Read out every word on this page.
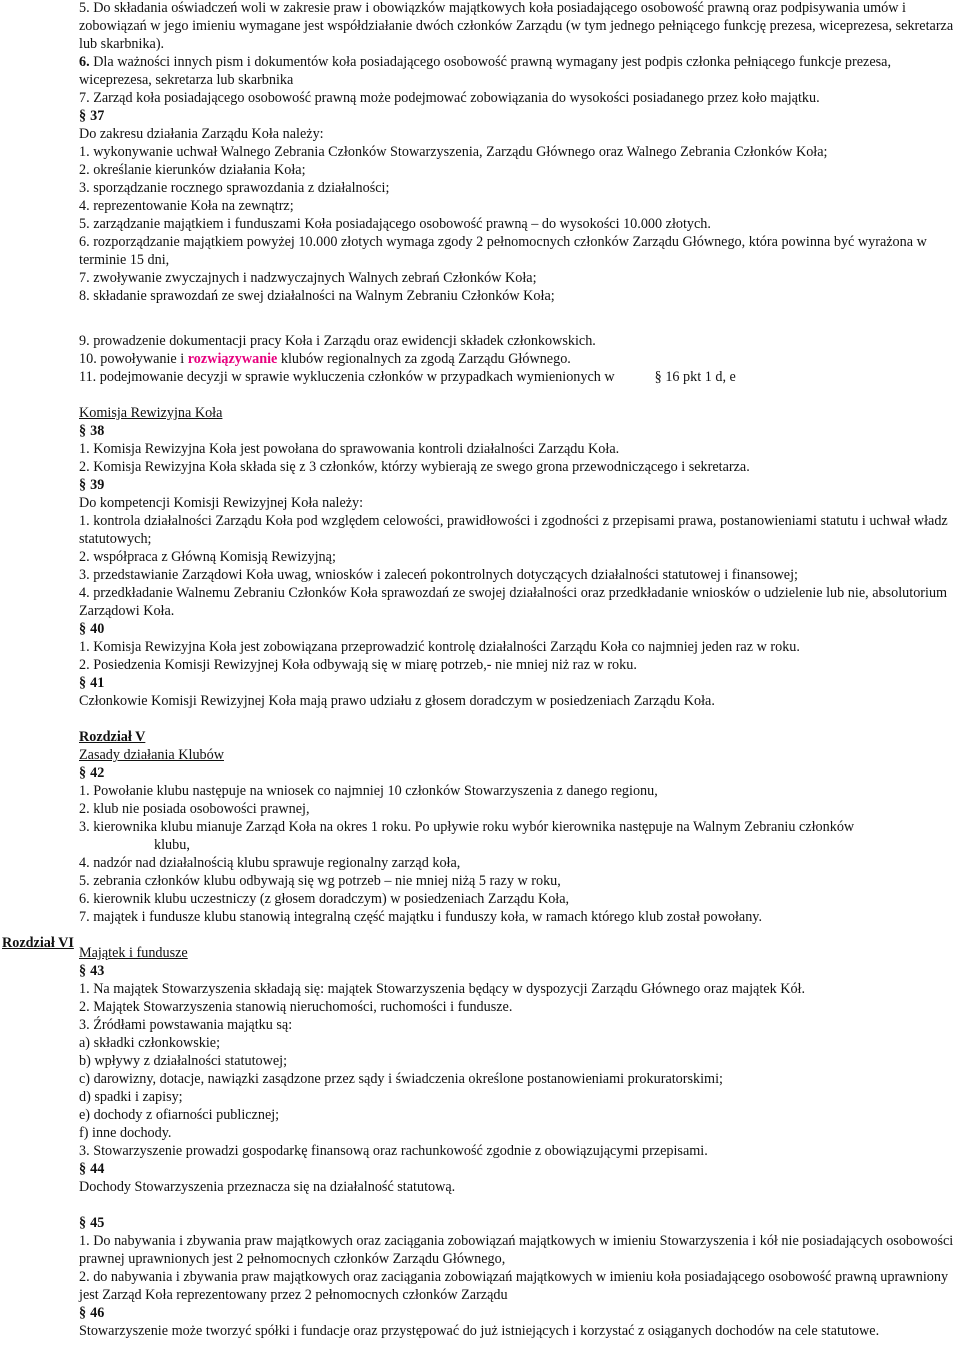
5. Do składania oświadczeń woli w zakresie praw i obowiązków majątkowych koła posiadającego osobowość prawną oraz podpisywania umów i zobowiązań w jego imieniu wymagane jest współdziałanie dwóch członków Zarządu (w tym jednego pełniącego funkcję prezesa, wiceprezesa, sekretarza lub skarbnika).
6. Dla ważności innych pism i dokumentów koła posiadającego osobowość prawną wymagany jest podpis członka pełniącego funkcje prezesa, wiceprezesa, sekretarza lub skarbnika
7. Zarząd koła posiadającego osobowość prawną może podejmować zobowiązania do wysokości posiadanego przez koło majątku.
§ 37
Do zakresu działania Zarządu Koła należy:
1. wykonywanie uchwał Walnego Zebrania Członków Stowarzyszenia, Zarządu Głównego oraz Walnego Zebrania Członków Koła;
2. określanie kierunków działania Koła;
3. sporządzanie rocznego sprawozdania z działalności;
4. reprezentowanie Koła na zewnątrz;
5. zarządzanie majątkiem i funduszami Koła posiadającego osobowość prawną – do wysokości 10.000 złotych.
6. rozporządzanie majątkiem powyżej 10.000 złotych wymaga zgody 2 pełnomocnych członków Zarządu Głównego, która powinna być wyrażona w terminie 15 dni,
7. zwoływanie zwyczajnych i nadzwyczajnych Walnych zebrań Członków Koła;
8. składanie sprawozdań ze swej działalności na Walnym Zebraniu Członków Koła;
9. prowadzenie dokumentacji pracy Koła i Zarządu oraz ewidencji składek członkowskich.
10. powoływanie i rozwiązywanie klubów regionalnych za zgodą Zarządu Głównego.
11. podejmowanie decyzji w sprawie wykluczenia członków w przypadkach wymienionych w	§ 16 pkt 1 d, e
Komisja Rewizyjna Koła
§ 38
1. Komisja Rewizyjna Koła jest powołana do sprawowania kontroli działalności Zarządu Koła.
2. Komisja Rewizyjna Koła składa się z 3 członków, którzy wybierają ze swego grona przewodniczącego i sekretarza.
§ 39
Do kompetencji Komisji Rewizyjnej Koła należy:
1. kontrola działalności Zarządu Koła pod względem celowości, prawidłowości i zgodności z przepisami prawa, postanowieniami statutu i uchwał władz statutowych;
2. współpraca z Główną Komisją Rewizyjną;
3. przedstawianie Zarządowi Koła uwag, wniosków i zaleceń pokontrolnych dotyczących działalności statutowej i finansowej;
4. przedkładanie Walnemu Zebraniu Członków Koła sprawozdań ze swojej działalności oraz przedkładanie wniosków o udzielenie lub nie, absolutorium Zarządowi Koła.
§ 40
1. Komisja Rewizyjna Koła jest zobowiązana przeprowadzić kontrolę działalności Zarządu Koła co najmniej jeden raz w roku.
2. Posiedzenia Komisji Rewizyjnej Koła odbywają się w miarę potrzeb,- nie mniej niż raz w roku.
§ 41
Członkowie Komisji Rewizyjnej Koła mają prawo udziału z głosem doradczym w posiedzeniach Zarządu Koła.
Rozdział V
Zasady działania Klubów
§ 42
1. Powołanie klubu następuje na wniosek co najmniej 10 członków Stowarzyszenia z danego regionu,
2. klub nie posiada osobowości prawnej,
3. kierownika klubu mianuje Zarząd Koła na okres 1 roku. Po upływie roku wybór kierownika następuje na Walnym Zebraniu członków
klubu,
4. nadzór nad działalnością klubu sprawuje regionalny zarząd koła,
5. zebrania członków klubu odbywają się wg potrzeb – nie mniej niżą 5 razy w roku,
6. kierownik klubu uczestniczy (z głosem doradczym) w posiedzeniach Zarządu Koła,
7. majątek i fundusze klubu stanowią integralną część majątku i funduszy koła, w ramach którego klub został powołany.
Majątek i fundusze
§ 43
1. Na majątek Stowarzyszenia składają się: majątek Stowarzyszenia będący w dyspozycji Zarządu Głównego oraz majątek Kół.
2. Majątek Stowarzyszenia stanowią nieruchomości, ruchomości i fundusze.
3. Źródłami powstawania majątku są:
a) składki członkowskie;
b) wpływy z działalności statutowej;
c) darowizny, dotacje, nawiązki zasądzone przez sądy i świadczenia określone postanowieniami prokuratorskimi;
d) spadki i zapisy;
e) dochody z ofiarności publicznej;
f) inne dochody.
3. Stowarzyszenie prowadzi gospodarkę finansową oraz rachunkowość zgodnie z obowiązującymi przepisami.
§ 44
Dochody Stowarzyszenia przeznacza się na działalność statutową.
§ 45
1. Do nabywania i zbywania praw majątkowych oraz zaciągania zobowiązań majątkowych w imieniu Stowarzyszenia i kół nie posiadających osobowości prawnej uprawnionych jest 2 pełnomocnych członków Zarządu Głównego,
2. do nabywania i zbywania praw majątkowych oraz zaciągania zobowiązań majątkowych w imieniu koła posiadającego osobowość prawną uprawniony jest Zarząd Koła reprezentowany przez 2 pełnomocnych członków Zarządu
§ 46
Stowarzyszenie może tworzyć spółki i fundacje oraz przystępować do już istniejących i korzystać z osiąganych dochodów na cele statutowe.
Rozdział VI
